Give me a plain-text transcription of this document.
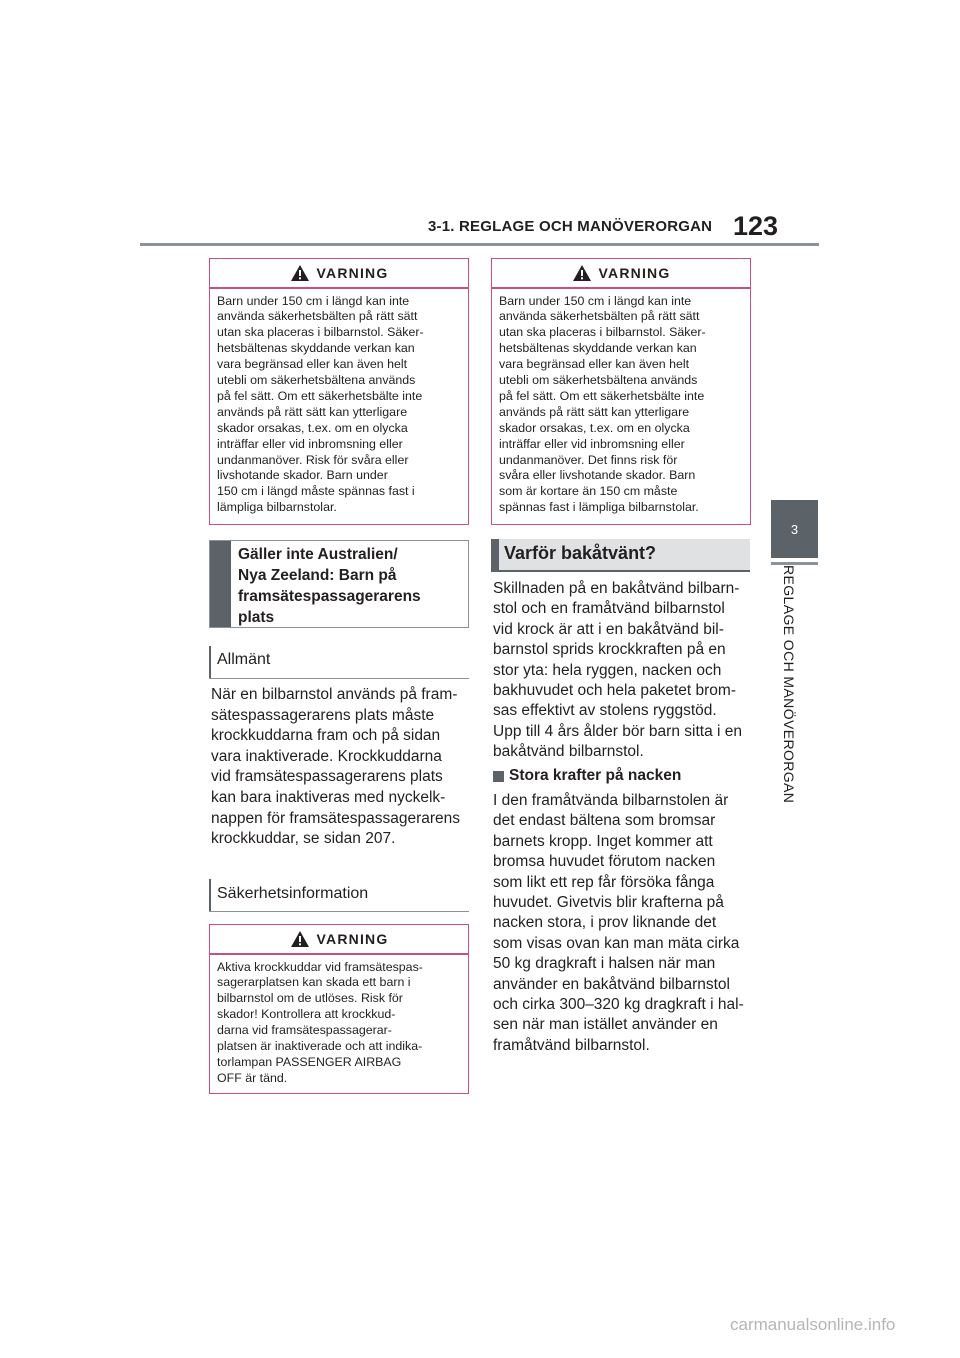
3-1. REGLAGE OCH MANÖVERORGAN 123
3
REGLAGE OCH MANÖVERORGAN
VARNING
Barn under 150 cm i längd kan inte
använda säkerhetsbälten på rätt sätt
utan ska placeras i bilbarnstol. Säker-
hetsbältenas skyddande verkan kan
vara begränsad eller kan även helt
utebli om säkerhetsbältena används
på fel sätt. Om ett säkerhetsbälte inte
används på rätt sätt kan ytterligare
skador orsakas, t.ex. om en olycka
inträffar eller vid inbromsning eller
undanmanöver. Risk för svåra eller
livshotande skador. Barn under
150 cm i längd måste spännas fast i
lämpliga bilbarnstolar.
Gäller inte Australien/
Nya Zeeland: Barn på
framsätespassagerarens
plats
Allmänt
När en bilbarnstol används på fram-
sätespassagerarens plats måste
krockkuddarna fram och på sidan
vara inaktiverade. Krockkuddarna
vid framsätespassagerarens plats
kan bara inaktiveras med nyckelk-
nappen för framsätespassagerarens
krockkuddar, se sidan 207.
Säkerhetsinformation
VARNING
Aktiva krockkuddar vid framsätespas-
sagerarplatsen kan skada ett barn i
bilbarnstol om de utlöses. Risk för
skador! Kontrollera att krockkud-
darna vid framsätespassagerar-
platsen är inaktiverade och att indika-
torlampan PASSENGER AIRBAG
OFF är tänd.
VARNING
Barn under 150 cm i längd kan inte
använda säkerhetsbälten på rätt sätt
utan ska placeras i bilbarnstol. Säker-
hetsbältenas skyddande verkan kan
vara begränsad eller kan även helt
utebli om säkerhetsbältena används
på fel sätt. Om ett säkerhetsbälte inte
används på rätt sätt kan ytterligare
skador orsakas, t.ex. om en olycka
inträffar eller vid inbromsning eller
undanmanöver. Det finns risk för
svåra eller livshotande skador. Barn
som är kortare än 150 cm måste
spännas fast i lämpliga bilbarnstolar.
Varför bakåtvänt?
Skillnaden på en bakåtvänd bilbarn-
stol och en framåtvänd bilbarnstol
vid krock är att i en bakåtvänd bil-
barnstol sprids krockkraften på en
stor yta: hela ryggen, nacken och
bakhuvudet och hela paketet brom-
sas effektivt av stolens ryggstöd.
Upp till 4 års ålder bör barn sitta i en
bakåtvänd bilbarnstol.
Stora krafter på nacken
I den framåtvända bilbarnstolen är
det endast bältena som bromsar
barnets kropp. Inget kommer att
bromsa huvudet förutom nacken
som likt ett rep får försöka fånga
huvudet. Givetvis blir krafterna på
nacken stora, i prov liknande det
som visas ovan kan man mäta cirka
50 kg dragkraft i halsen när man
använder en bakåtvänd bilbarnstol
och cirka 300–320 kg dragkraft i hal-
sen när man istället använder en
framåtvänd bilbarnstol.
carmanualsonline.info
